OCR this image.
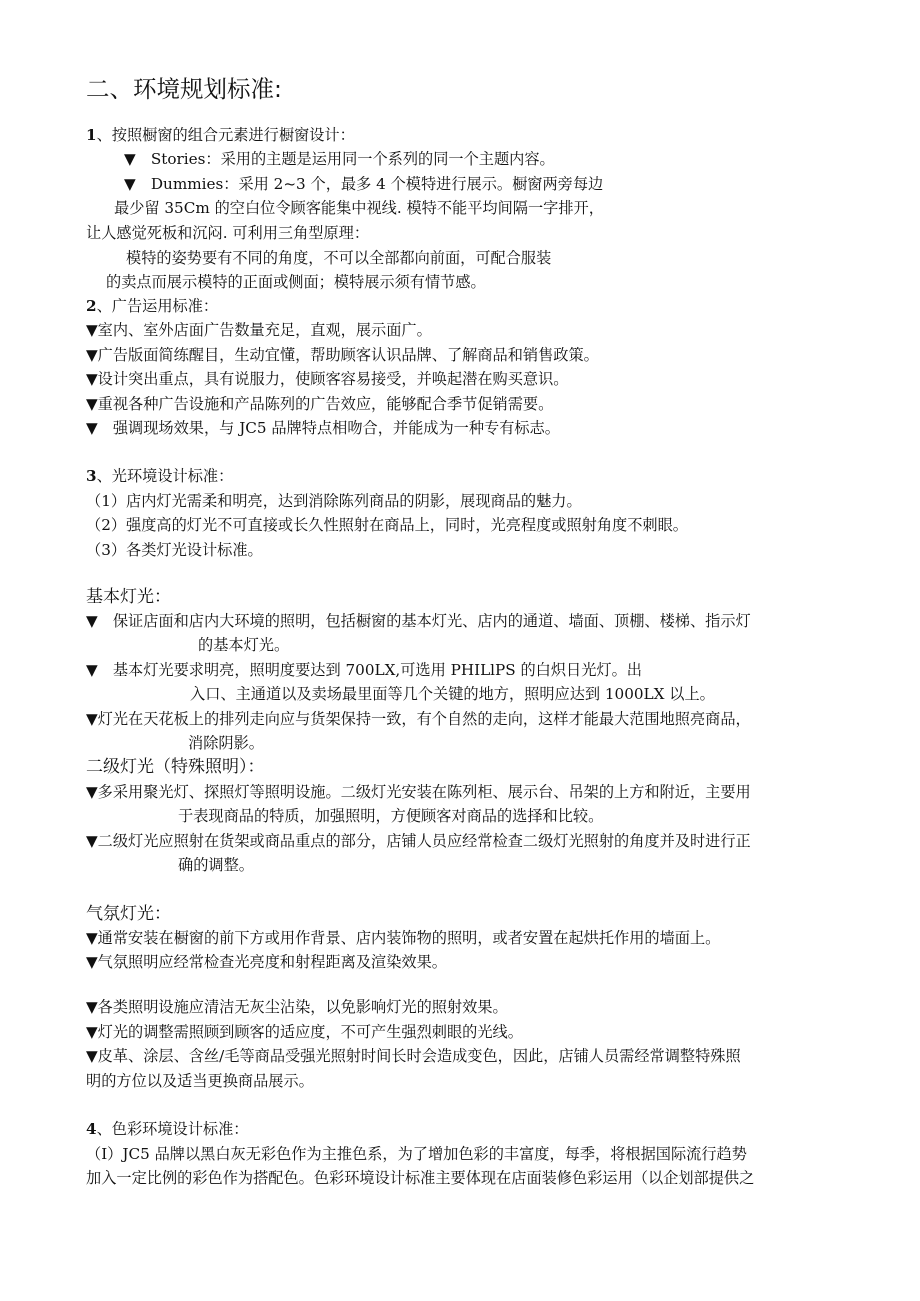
二、环境规划标准:
1、按照橱窗的组合元素进行橱窗设计：
▼　Stories：采用的主题是运用同一个系列的同一个主题内容。
▼　Dummies：采用 2~3 个，最多 4 个模特进行展示。橱窗两旁每边
最少留 35Cm 的空白位令顾客能集中视线. 模特不能平均间隔一字排开，
让人感觉死板和沉闷. 可利用三角型原理：
模特的姿势要有不同的角度，不可以全部都向前面，可配合服装
的卖点而展示模特的正面或侧面；模特展示须有情节感。
2、广告运用标准：
▼室内、室外店面广告数量充足，直观，展示面广。
▼广告版面简练醒目，生动宜懂，帮助顾客认识品牌、了解商品和销售政策。
▼设计突出重点，具有说服力，使顾客容易接受，并唤起潜在购买意识。
▼重视各种广告设施和产品陈列的广告效应，能够配合季节促销需要。
▼　强调现场效果，与 JC5 品牌特点相吻合，并能成为一种专有标志。
3、光环境设计标准：
（1）店内灯光需柔和明亮，达到消除陈列商品的阴影，展现商品的魅力。
（2）强度高的灯光不可直接或长久性照射在商品上，同时，光亮程度或照射角度不刺眼。
（3）各类灯光设计标准。
基本灯光：
▼　保证店面和店内大环境的照明，包括橱窗的基本灯光、店内的通道、墙面、顶棚、楼梯、指示灯
的基本灯光。
▼　基本灯光要求明亮，照明度要达到 700LX,可选用 PHILlPS 的白炽日光灯。出
入口、主通道以及卖场最里面等几个关键的地方，照明应达到 1000LX 以上。
▼灯光在天花板上的排列走向应与货架保持一致，有个自然的走向，这样才能最大范围地照亮商品，
消除阴影。
二级灯光（特殊照明）：
▼多采用聚光灯、探照灯等照明设施。二级灯光安装在陈列柜、展示台、吊架的上方和附近，主要用
于表现商品的特质，加强照明，方便顾客对商品的选择和比较。
▼二级灯光应照射在货架或商品重点的部分，店铺人员应经常检查二级灯光照射的角度并及时进行正
确的调整。
气氛灯光：
▼通常安装在橱窗的前下方或用作背景、店内装饰物的照明，或者安置在起烘托作用的墙面上。
▼气氛照明应经常检查光亮度和射程距离及渲染效果。
▼各类照明设施应清洁无灰尘沾染，以免影响灯光的照射效果。
▼灯光的调整需照顾到顾客的适应度，不可产生强烈刺眼的光线。
▼皮革、涂层、含丝/毛等商品受强光照射时间长时会造成变色，因此，店铺人员需经常调整特殊照
明的方位以及适当更换商品展示。
4、色彩环境设计标准：
（I）JC5 品牌以黑白灰无彩色作为主推色系，为了增加色彩的丰富度，每季，将根据国际流行趋势
加入一定比例的彩色作为搭配色。色彩环境设计标准主要体现在店面装修色彩运用（以企划部提供之
